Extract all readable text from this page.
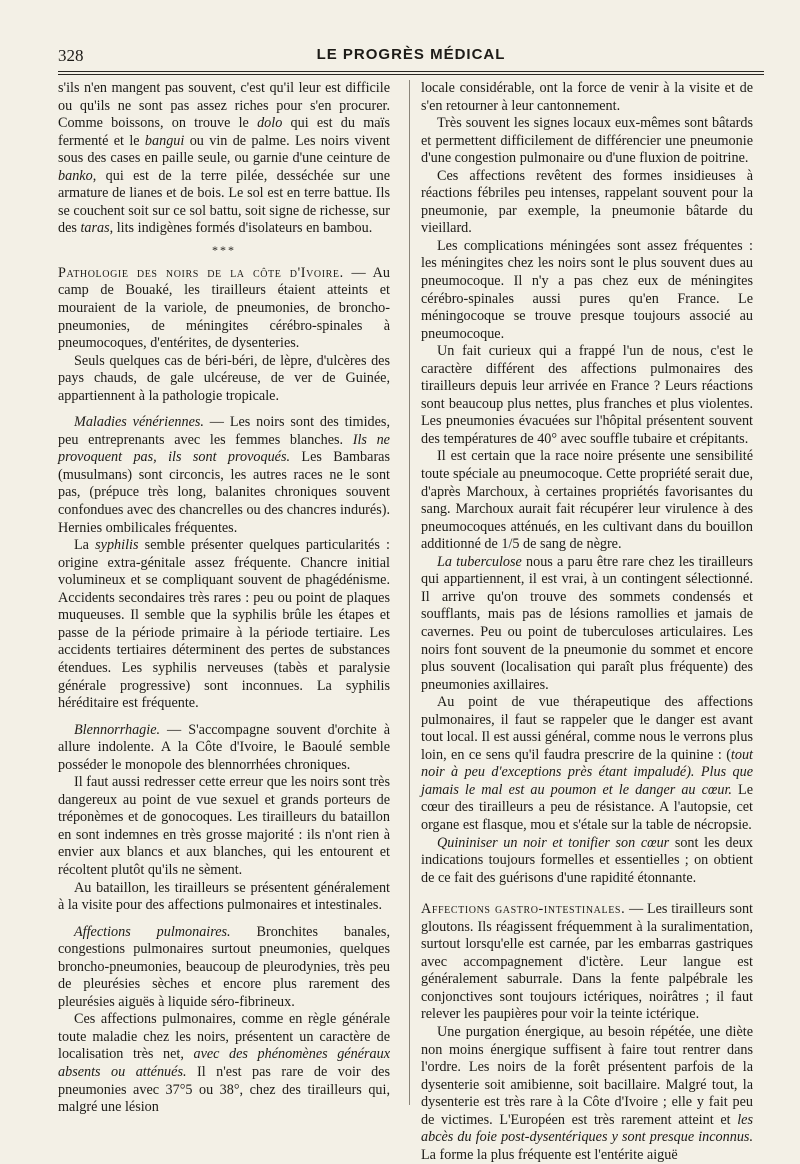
328	LE PROGRÈS MÉDICAL

s'ils n'en mangent pas souvent, c'est qu'il leur est difficile ou qu'ils ne sont pas assez riches pour s'en procurer. Comme boissons, on trouve le dolo qui est du maïs fermenté et le bangui ou vin de palme. Les noirs vivent sous des cases en paille seule, ou garnie d'une ceinture de banko, qui est de la terre pilée, desséchée sur une armature de lianes et de bois. Le sol est en terre battue. Ils se couchent soit sur ce sol battu, soit signe de richesse, sur des taras, lits indigènes formés d'isolateurs en bambou.

***

Pathologie des noirs de la côte d'Ivoire. — Au camp de Bouaké, les tirailleurs étaient atteints et mouraient de la variole, de pneumonies, de broncho-pneumonies, de méningites cérébro-spinales à pneumocoques, d'entérites, de dysenteries.

Seuls quelques cas de béri-béri, de lèpre, d'ulcères des pays chauds, de gale ulcéreuse, de ver de Guinée, appartiennent à la pathologie tropicale.

Maladies vénériennes. — Les noirs sont des timides, peu entreprenants avec les femmes blanches. Ils ne provoquent pas, ils sont provoqués. Les Bambaras (musulmans) sont circoncis, les autres races ne le sont pas, (prépuce très long, balanites chroniques souvent confondues avec des chancrelles ou des chancres indurés). Hernies ombilicales fréquentes.

La syphilis semble présenter quelques particularités : origine extra-génitale assez fréquente. Chancre initial volumineux et se compliquant souvent de phagédénisme. Accidents secondaires très rares : peu ou point de plaques muqueuses. Il semble que la syphilis brûle les étapes et passe de la période primaire à la période tertiaire. Les accidents tertiaires déterminent des pertes de substances étendues. Les syphilis nerveuses (tabès et paralysie générale progressive) sont inconnues. La syphilis héréditaire est fréquente.

Blennorrhagie. — S'accompagne souvent d'orchite à allure indolente. A la Côte d'Ivoire, le Baoulé semble posséder le monopole des blennorrhées chroniques.

Il faut aussi redresser cette erreur que les noirs sont très dangereux au point de vue sexuel et grands porteurs de tréponèmes et de gonocoques. Les tirailleurs du bataillon en sont indemnes en très grosse majorité : ils n'ont rien à envier aux blancs et aux blanches, qui les entourent et récoltent plutôt qu'ils ne sèment.

Au bataillon, les tirailleurs se présentent généralement à la visite pour des affections pulmonaires et intestinales.

Affections pulmonaires. Bronchites banales, congestions pulmonaires surtout pneumonies, quelques broncho-pneumonies, beaucoup de pleurodynies, très peu de pleurésies sèches et encore plus rarement des pleurésies aiguës à liquide séro-fibrineux.

Ces affections pulmonaires, comme en règle générale toute maladie chez les noirs, présentent un caractère de localisation très net, avec des phénomènes généraux absents ou atténués. Il n'est pas rare de voir des pneumonies avec 37°5 ou 38°, chez des tirailleurs qui, malgré une lésion

locale considérable, ont la force de venir à la visite et de s'en retourner à leur cantonnement.

Très souvent les signes locaux eux-mêmes sont bâtards et permettent difficilement de différencier une pneumonie d'une congestion pulmonaire ou d'une fluxion de poitrine.

Ces affections revêtent des formes insidieuses à réactions fébriles peu intenses, rappelant souvent pour la pneumonie, par exemple, la pneumonie bâtarde du vieillard.

Les complications méningées sont assez fréquentes : les méningites chez les noirs sont le plus souvent dues au pneumocoque. Il n'y a pas chez eux de méningites cérébro-spinales aussi pures qu'en France. Le méningocoque se trouve presque toujours associé au pneumocoque.

Un fait curieux qui a frappé l'un de nous, c'est le caractère différent des affections pulmonaires des tirailleurs depuis leur arrivée en France ? Leurs réactions sont beaucoup plus nettes, plus franches et plus violentes. Les pneumonies évacuées sur l'hôpital présentent souvent des températures de 40° avec souffle tubaire et crépitants.

Il est certain que la race noire présente une sensibilité toute spéciale au pneumocoque. Cette propriété serait due, d'après Marchoux, à certaines propriétés favorisantes du sang. Marchoux aurait fait récupérer leur virulence à des pneumocoques atténués, en les cultivant dans du bouillon additionné de 1/5 de sang de nègre.

La tuberculose nous a paru être rare chez les tirailleurs qui appartiennent, il est vrai, à un contingent sélectionné. Il arrive qu'on trouve des sommets condensés et soufflants, mais pas de lésions ramollies et jamais de cavernes. Peu ou point de tuberculoses articulaires. Les noirs font souvent de la pneumonie du sommet et encore plus souvent (localisation qui paraît plus fréquente) des pneumonies axillaires.

Au point de vue thérapeutique des affections pulmonaires, il faut se rappeler que le danger est avant tout local. Il est aussi général, comme nous le verrons plus loin, en ce sens qu'il faudra prescrire de la quinine : (tout noir à peu d'exceptions près étant impaludé). Plus que jamais le mal est au poumon et le danger au cœur. Le cœur des tirailleurs a peu de résistance. A l'autopsie, cet organe est flasque, mou et s'étale sur la table de nécropsie.

Quininiser un noir et tonifier son cœur sont les deux indications toujours formelles et essentielles ; on obtient de ce fait des guérisons d'une rapidité étonnante.

Affections gastro-intestinales. — Les tirailleurs sont gloutons. Ils réagissent fréquemment à la suralimentation, surtout lorsqu'elle est carnée, par les embarras gastriques avec accompagnement d'ictère. Leur langue est généralement saburrale. Dans la fente palpébrale les conjonctives sont toujours ictériques, noirâtres ; il faut relever les paupières pour voir la teinte ictérique.

Une purgation énergique, au besoin répétée, une diète non moins énergique suffisent à faire tout rentrer dans l'ordre. Les noirs de la forêt présentent parfois de la dysenterie soit amibienne, soit bacillaire. Malgré tout, la dysenterie est très rare à la Côte d'Ivoire ; elle y fait peu de victimes. L'Européen est très rarement atteint et les abcès du foie post-dysentériques y sont presque inconnus. La forme la plus fréquente est l'entérite aiguë
